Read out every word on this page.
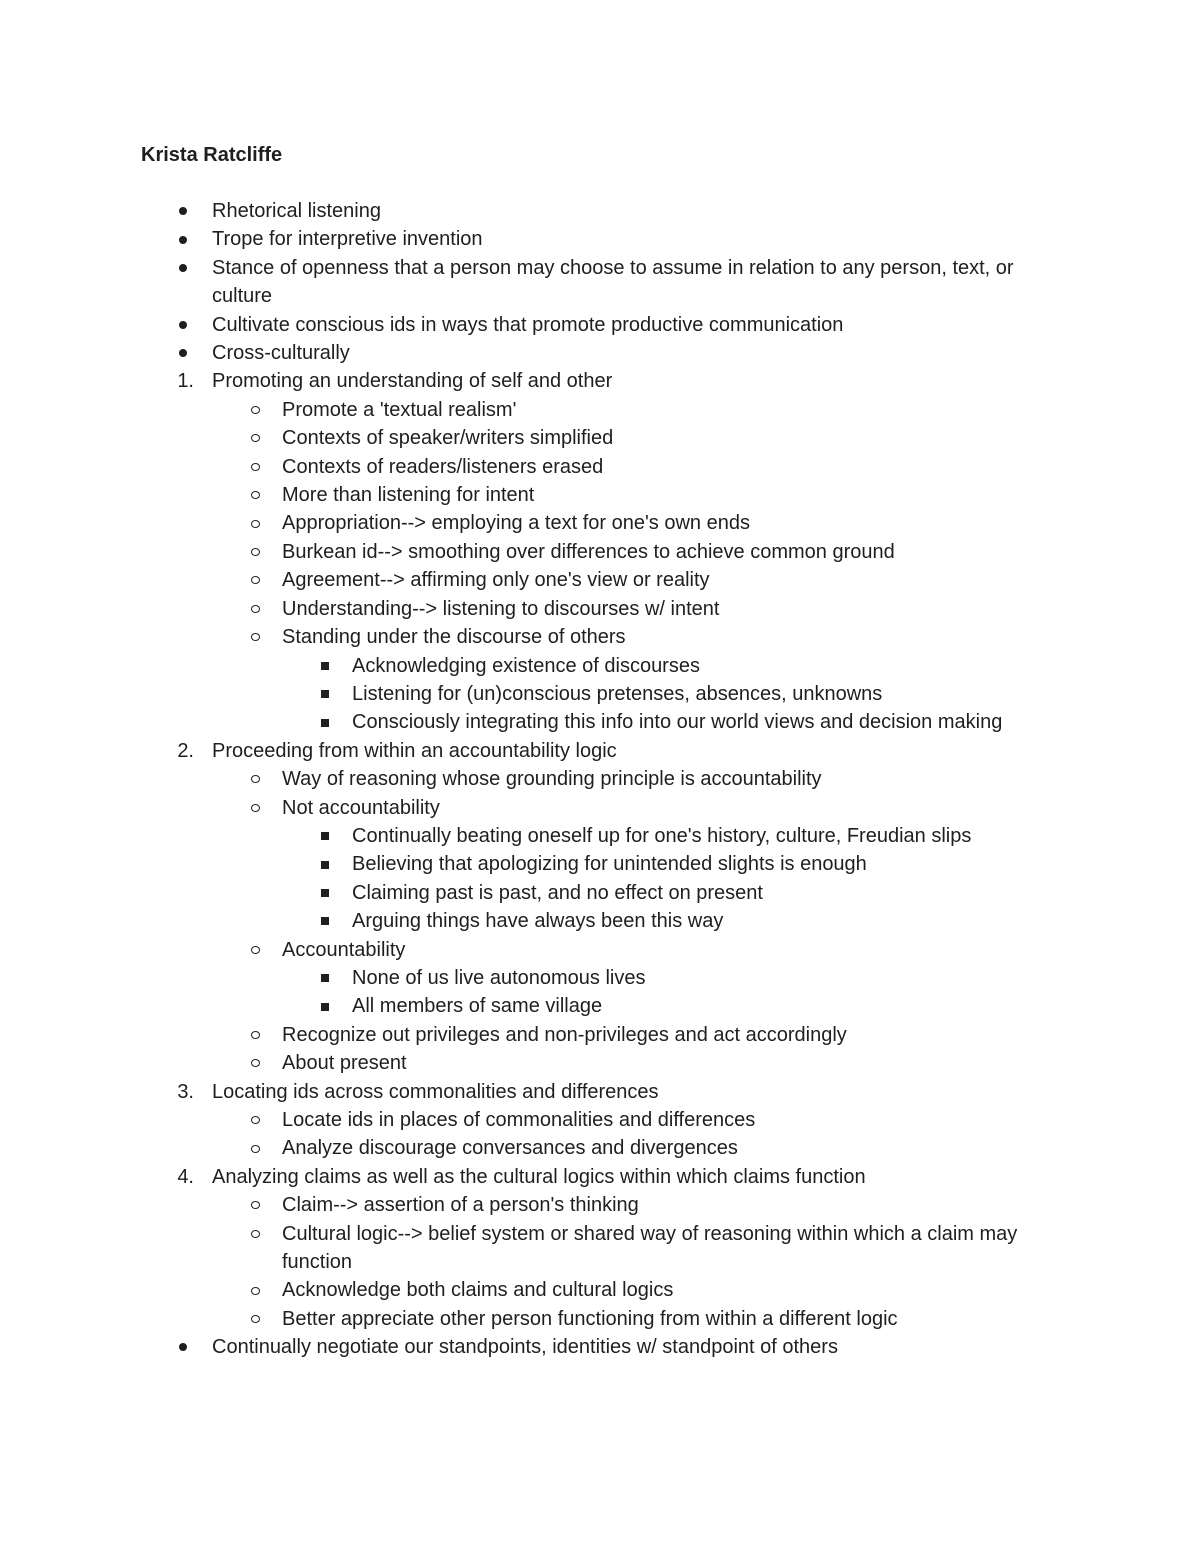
Krista Ratcliffe
Rhetorical listening
Trope for interpretive invention
Stance of openness that a person may choose to assume in relation to any person, text, or culture
Cultivate conscious ids in ways that promote productive communication
Cross-culturally
1. Promoting an understanding of self and other
Promote a 'textual realism'
Contexts of speaker/writers simplified
Contexts of readers/listeners erased
More than listening for intent
Appropriation--> employing a text for one's own ends
Burkean id--> smoothing over differences to achieve common ground
Agreement--> affirming only one's view or reality
Understanding--> listening to discourses w/ intent
Standing under the discourse of others
Acknowledging existence of discourses
Listening for (un)conscious pretenses, absences, unknowns
Consciously integrating this info into our world views and decision making
2. Proceeding from within an accountability logic
Way of reasoning whose grounding principle is accountability
Not accountability
Continually beating oneself up for one's history, culture, Freudian slips
Believing that apologizing for unintended slights is enough
Claiming past is past, and no effect on present
Arguing things have always been this way
Accountability
None of us live autonomous lives
All members of same village
Recognize out privileges and non-privileges and act accordingly
About present
3. Locating ids across commonalities and differences
Locate ids in places of commonalities and differences
Analyze discourage conversances and divergences
4. Analyzing claims as well as the cultural logics within which claims function
Claim--> assertion of a person's thinking
Cultural logic--> belief system or shared way of reasoning within which a claim may function
Acknowledge both claims and cultural logics
Better appreciate other person functioning from within a different logic
Continually negotiate our standpoints, identities w/ standpoint of others
